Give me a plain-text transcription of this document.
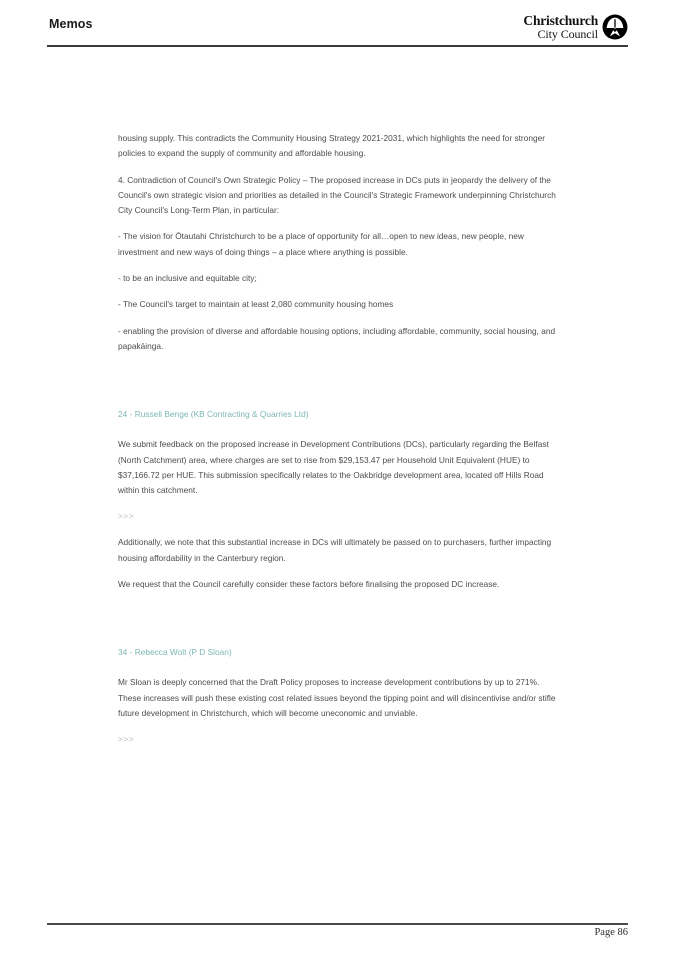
Memos	Christchurch
City Council

housing supply. This contradicts the Community Housing Strategy 2021-2031, which highlights the need for stronger policies to expand the supply of community and affordable housing.

4. Contradiction of Council's Own Strategic Policy – The proposed increase in DCs puts in jeopardy the delivery of the Council's own strategic vision and priorities as detailed in the Council's Strategic Framework underpinning Christchurch City Council's Long-Term Plan, in particular:

- The vision for Ōtautahi Christchurch to be a place of opportunity for all…open to new ideas, new people, new investment and new ways of doing things – a place where anything is possible.

- to be an inclusive and equitable city;

- The Council's target to maintain at least 2,080 community housing homes

- enabling the provision of diverse and affordable housing options, including affordable, community, social housing, and papakāinga.

24 - Russell Benge (KB Contracting & Quarries Ltd)

We submit feedback on the proposed increase in Development Contributions (DCs), particularly regarding the Belfast (North Catchment) area, where charges are set to rise from $29,153.47 per Household Unit Equivalent (HUE) to $37,166.72 per HUE. This submission specifically relates to the Oakbridge development area, located off Hills Road within this catchment.

>>>

Additionally, we note that this substantial increase in DCs will ultimately be passed on to purchasers, further impacting housing affordability in the Canterbury region.

We request that the Council carefully consider these factors before finalising the proposed DC increase.

34 - Rebecca Wolt (P D Sloan)

Mr Sloan is deeply concerned that the Draft Policy proposes to increase development contributions by up to 271%. These increases will push these existing cost related issues beyond the tipping point and will disincentivise and/or stifle future development in Christchurch, which will become uneconomic and unviable.

>>>

Page 86
